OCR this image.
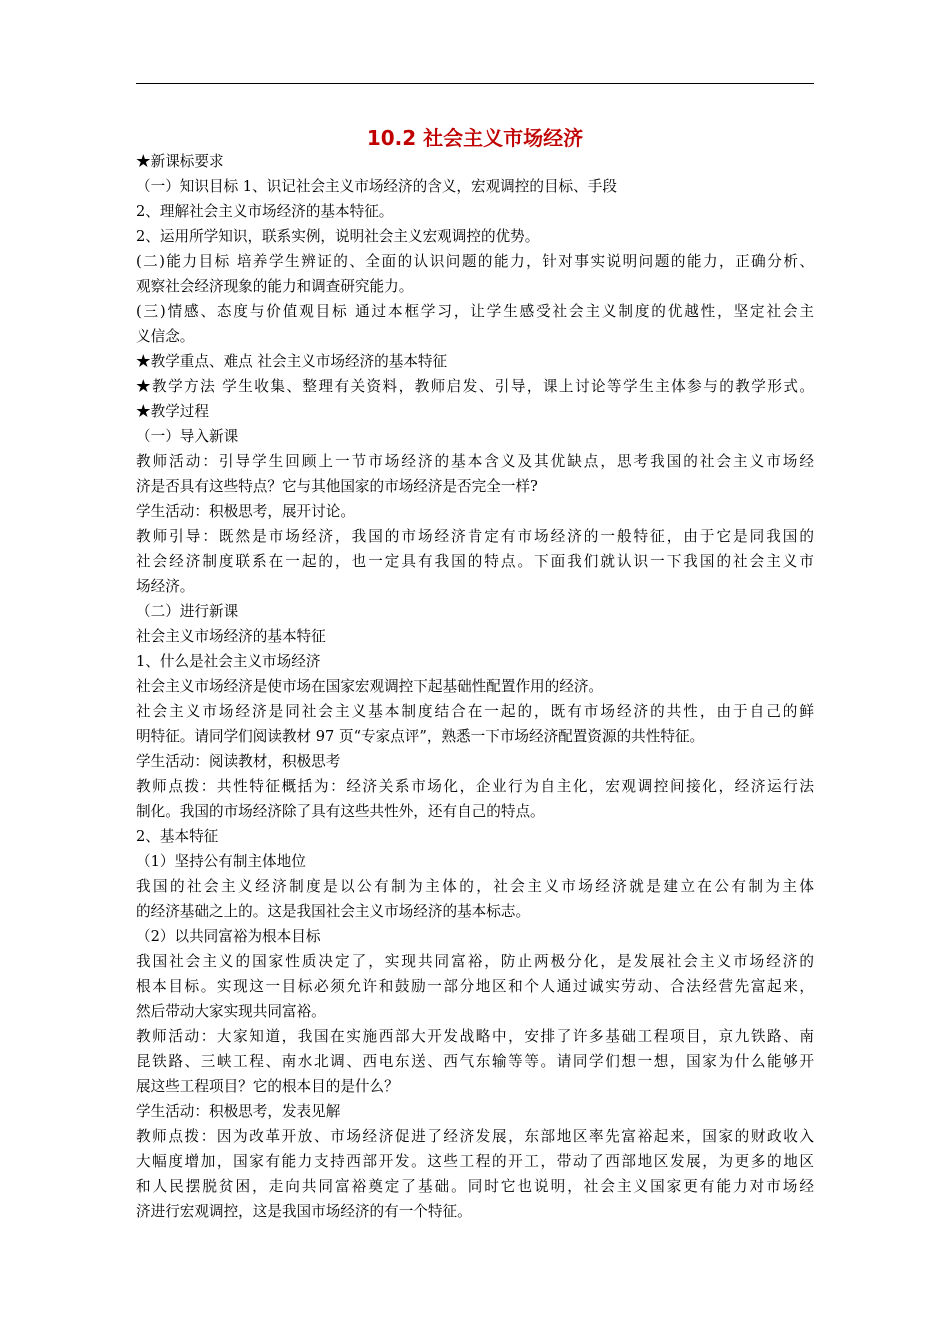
10.2 社会主义市场经济
★新课标要求
（一）知识目标 1、识记社会主义市场经济的含义，宏观调控的目标、手段
2、理解社会主义市场经济的基本特征。
2、运用所学知识，联系实例，说明社会主义宏观调控的优势。
(二)能力目标 培养学生辨证的、全面的认识问题的能力，针对事实说明问题的能力，正确分析、
观察社会经济现象的能力和调查研究能力。
(三)情感、态度与价值观目标 通过本框学习，让学生感受社会主义制度的优越性，坚定社会主
义信念。
★教学重点、难点 社会主义市场经济的基本特征
★教学方法 学生收集、整理有关资料，教师启发、引导，课上讨论等学生主体参与的教学形式。
★教学过程
（一）导入新课
教师活动：引导学生回顾上一节市场经济的基本含义及其优缺点，思考我国的社会主义市场经
济是否具有这些特点？它与其他国家的市场经济是否完全一样?
学生活动：积极思考，展开讨论。
教师引导：既然是市场经济，我国的市场经济肯定有市场经济的一般特征，由于它是同我国的
社会经济制度联系在一起的，也一定具有我国的特点。下面我们就认识一下我国的社会主义市
场经济。
（二）进行新课
社会主义市场经济的基本特征
1、什么是社会主义市场经济
社会主义市场经济是使市场在国家宏观调控下起基础性配置作用的经济。
社会主义市场经济是同社会主义基本制度结合在一起的，既有市场经济的共性，由于自己的鲜
明特征。请同学们阅读教材 97 页“专家点评”，熟悉一下市场经济配置资源的共性特征。
学生活动：阅读教材，积极思考
教师点拨：共性特征概括为：经济关系市场化，企业行为自主化，宏观调控间接化，经济运行法
制化。我国的市场经济除了具有这些共性外，还有自己的特点。
2、基本特征
（1）坚持公有制主体地位
我国的社会主义经济制度是以公有制为主体的，社会主义市场经济就是建立在公有制为主体
的经济基础之上的。这是我国社会主义市场经济的基本标志。
（2）以共同富裕为根本目标
我国社会主义的国家性质决定了，实现共同富裕，防止两极分化，是发展社会主义市场经济的
根本目标。实现这一目标必须允许和鼓励一部分地区和个人通过诚实劳动、合法经营先富起来，
然后带动大家实现共同富裕。
教师活动：大家知道，我国在实施西部大开发战略中，安排了许多基础工程项目，京九铁路、南
昆铁路、三峡工程、南水北调、西电东送、西气东输等等。请同学们想一想，国家为什么能够开
展这些工程项目？它的根本目的是什么？
学生活动：积极思考，发表见解
教师点拨：因为改革开放、市场经济促进了经济发展，东部地区率先富裕起来，国家的财政收入
大幅度增加，国家有能力支持西部开发。这些工程的开工，带动了西部地区发展，为更多的地区
和人民摆脱贫困，走向共同富裕奠定了基础。同时它也说明，社会主义国家更有能力对市场经
济进行宏观调控，这是我国市场经济的有一个特征。
